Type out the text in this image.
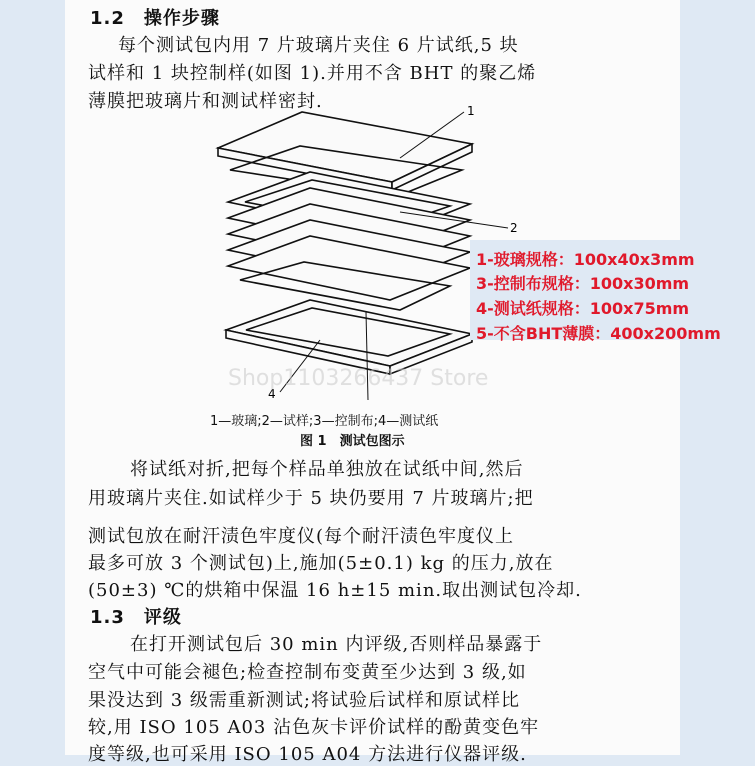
1.2　操作步骤
每个测试包内用 7 片玻璃片夹住 6 片试纸,5 块
试样和 1 块控制样(如图 1).并用不含 BHT 的聚乙烯
薄膜把玻璃片和测试样密封.	1
2
4
1-玻璃规格：100x40x3mm
3-控制布规格：100x30mm
4-测试纸规格：100x75mm
5-不含BHT薄膜：400x200mm
Shop1103266437 Store
1—玻璃;2—试样;3—控制布;4—测试纸
图 1　测试包图示
将试纸对折,把每个样品单独放在试纸中间,然后
用玻璃片夹住.如试样少于 5 块仍要用 7 片玻璃片;把
测试包放在耐汗渍色牢度仪(每个耐汗渍色牢度仪上
最多可放 3 个测试包)上,施加(5±0.1) kg 的压力,放在
(50±3) ℃的烘箱中保温 16 h±15 min.取出测试包冷却.
1.3　评级
在打开测试包后 30 min 内评级,否则样品暴露于
空气中可能会褪色;检查控制布变黄至少达到 3 级,如
果没达到 3 级需重新测试;将试验后试样和原试样比
较,用 ISO 105 A03 沾色灰卡评价试样的酚黄变色牢
度等级,也可采用 ISO 105 A04 方法进行仪器评级.
